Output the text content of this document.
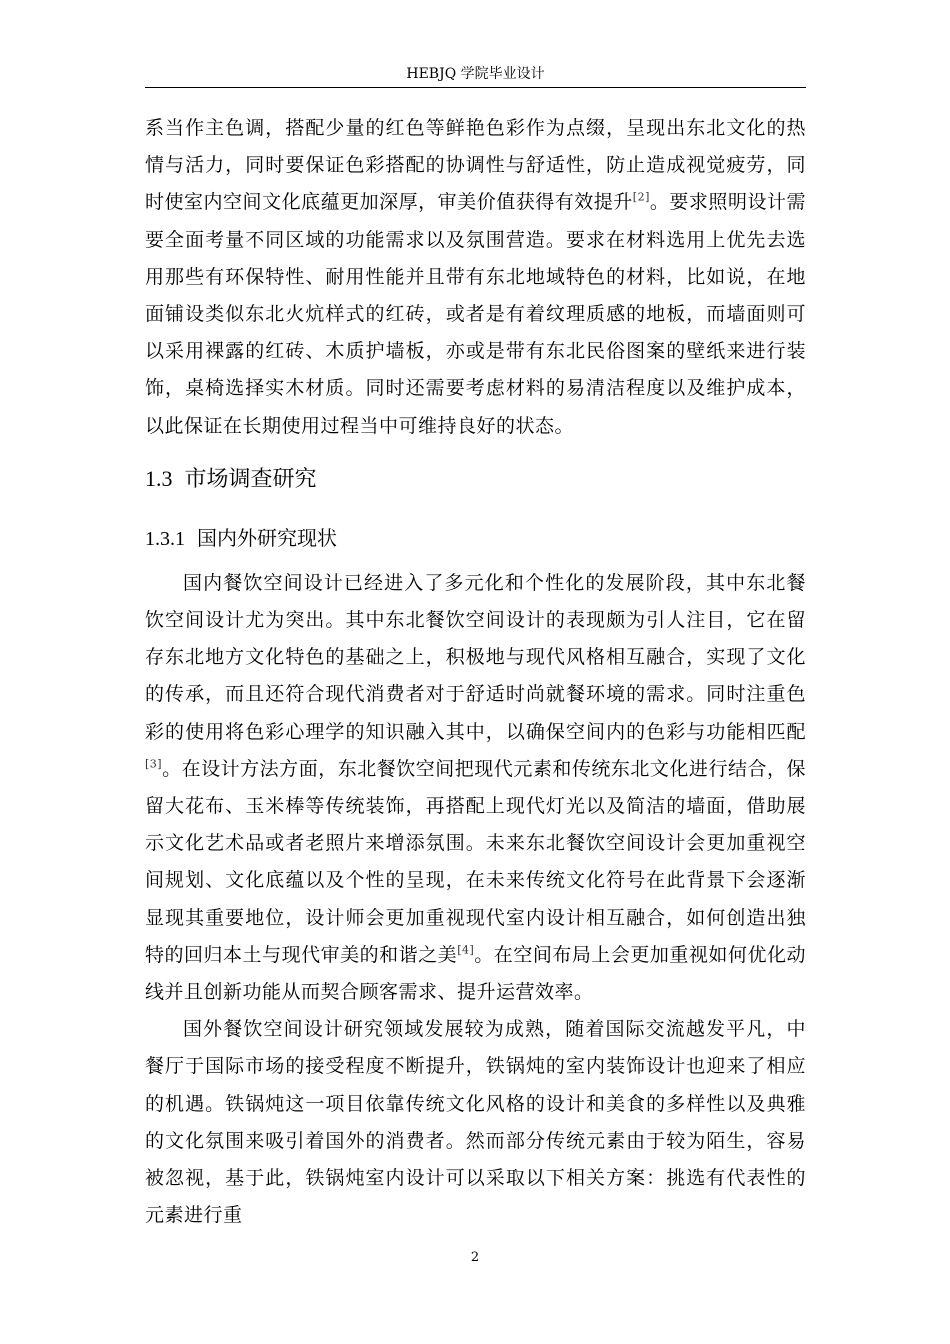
HEBJQ 学院毕业设计

系当作主色调，搭配少量的红色等鲜艳色彩作为点缀，呈现出东北文化的热情与活力，同时要保证色彩搭配的协调性与舒适性，防止造成视觉疲劳，同时使室内空间文化底蕴更加深厚，审美价值获得有效提升[2]。要求照明设计需要全面考量不同区域的功能需求以及氛围营造。要求在材料选用上优先去选用那些有环保特性、耐用性能并且带有东北地域特色的材料，比如说，在地面铺设类似东北火炕样式的红砖，或者是有着纹理质感的地板，而墙面则可以采用裸露的红砖、木质护墙板，亦或是带有东北民俗图案的壁纸来进行装饰，桌椅选择实木材质。同时还需要考虑材料的易清洁程度以及维护成本，以此保证在长期使用过程当中可维持良好的状态。

1.3 市场调查研究
1.3.1 国内外研究现状

国内餐饮空间设计已经进入了多元化和个性化的发展阶段，其中东北餐饮空间设计尤为突出。其中东北餐饮空间设计的表现颇为引人注目，它在留存东北地方文化特色的基础之上，积极地与现代风格相互融合，实现了文化的传承，而且还符合现代消费者对于舒适时尚就餐环境的需求。同时注重色彩的使用将色彩心理学的知识融入其中，以确保空间内的色彩与功能相匹配[3]。在设计方法方面，东北餐饮空间把现代元素和传统东北文化进行结合，保留大花布、玉米棒等传统装饰，再搭配上现代灯光以及简洁的墙面，借助展示文化艺术品或者老照片来增添氛围。未来东北餐饮空间设计会更加重视空间规划、文化底蕴以及个性的呈现，在未来传统文化符号在此背景下会逐渐显现其重要地位，设计师会更加重视现代室内设计相互融合，如何创造出独特的回归本土与现代审美的和谐之美[4]。在空间布局上会更加重视如何优化动线并且创新功能从而契合顾客需求、提升运营效率。

国外餐饮空间设计研究领域发展较为成熟，随着国际交流越发平凡，中餐厅于国际市场的接受程度不断提升，铁锅炖的室内装饰设计也迎来了相应的机遇。铁锅炖这一项目依靠传统文化风格的设计和美食的多样性以及典雅的文化氛围来吸引着国外的消费者。然而部分传统元素由于较为陌生，容易被忽视，基于此，铁锅炖室内设计可以采取以下相关方案：挑选有代表性的元素进行重

2
